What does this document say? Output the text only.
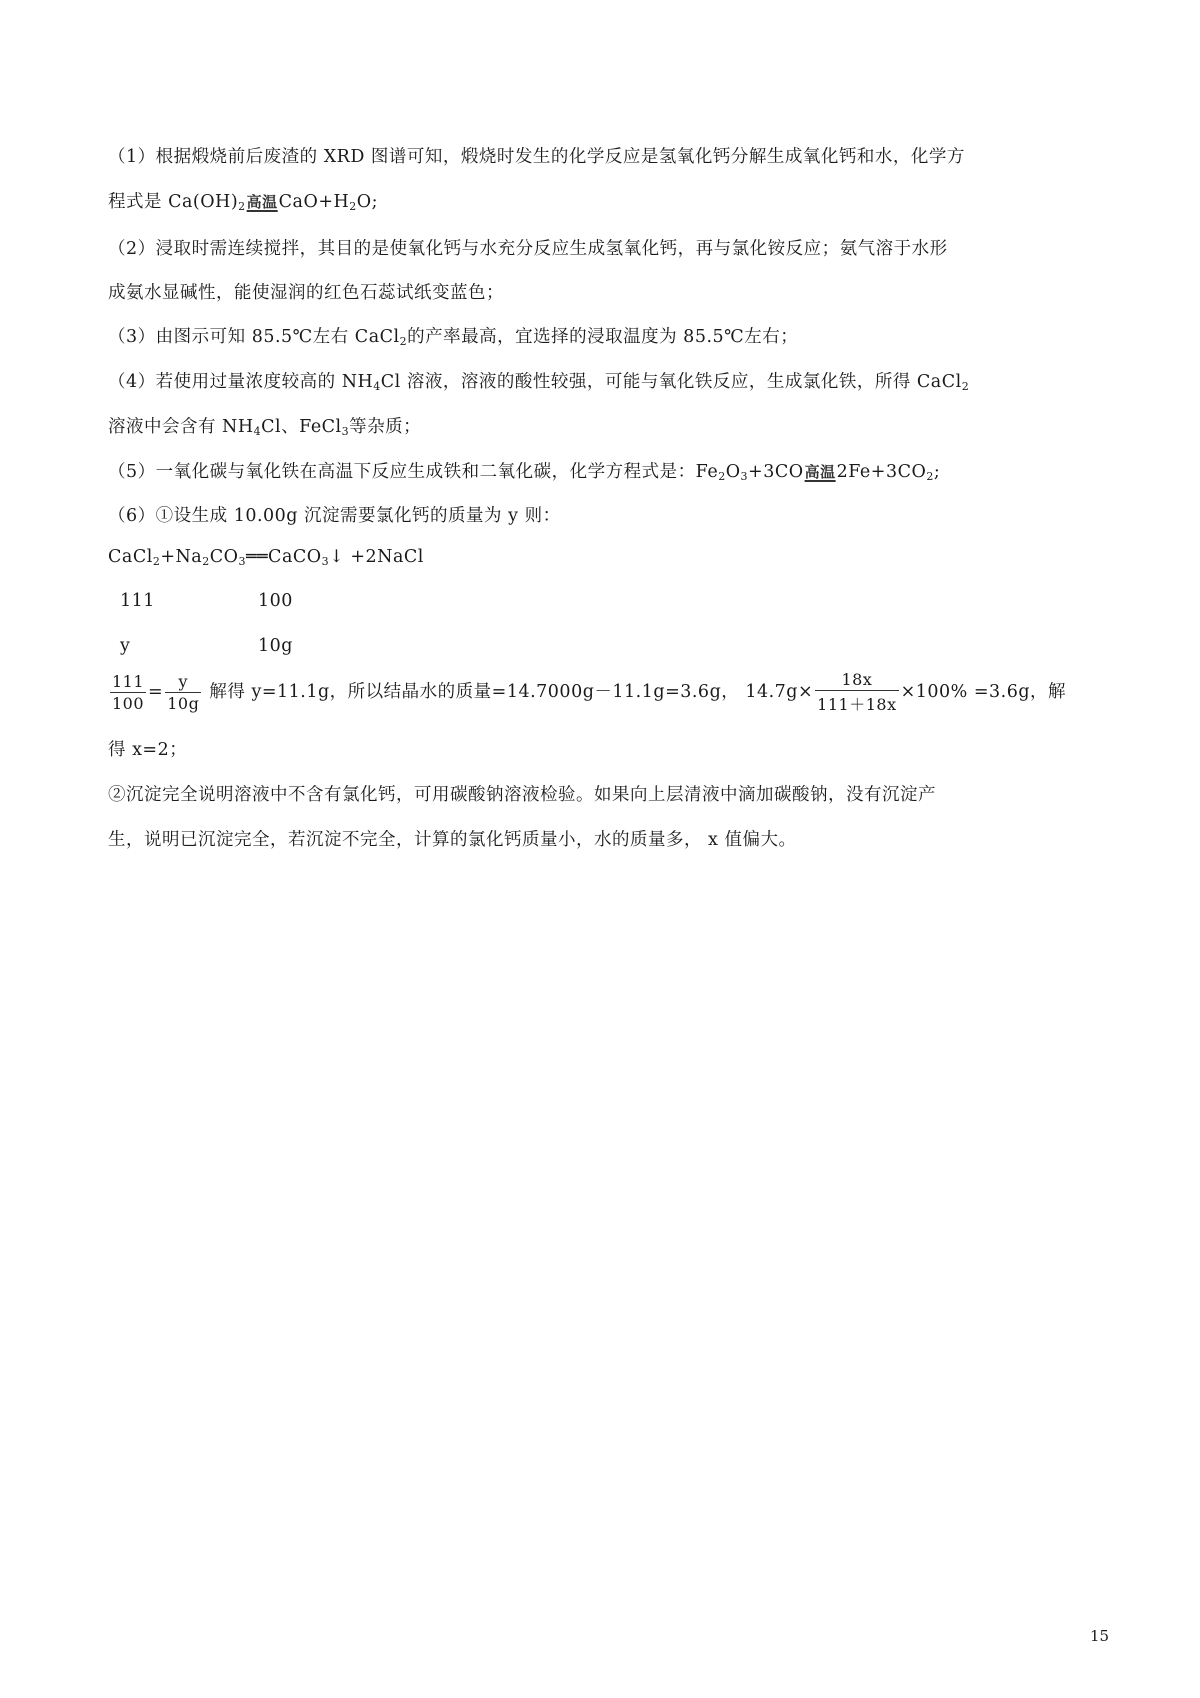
（1）根据煅烧前后废渣的 XRD 图谱可知，煅烧时发生的化学反应是氢氧化钙分解生成氧化钙和水，化学方
程式是 $Ca(OH)_2$高温$CaO+H_2O$;
（2）浸取时需连续搅拌，其目的是使氧化钙与水充分反应生成氢氧化钙，再与氯化铵反应；氨气溶于水形
成氨水显碱性，能使湿润的红色石蕊试纸变蓝色；
（3）由图示可知 85.5℃左右 CaCl$_2$的产率最高，宜选择的浸取温度为 85.5℃左右；
（4）若使用过量浓度较高的 $NH_4Cl$ 溶液，溶液的酸性较强，可能与氧化铁反应，生成氯化铁，所得 CaCl$_2$
溶液中会含有 $NH_4Cl$、FeCl$_3$等杂质；
（5）一氧化碳与氧化铁在高温下反应生成铁和二氧化碳，化学方程式是：$Fe_2O_3+3CO$高温$2Fe+3CO_2$;
（6）①设生成 10.00g 沉淀需要氯化钙的质量为 y 则：
$CaCl_2+Na_2CO_3══CaCO_3↓$ +2NaCl
111	100
y	10g
$\frac{111}{100} = \frac{y}{10g}$ 解得 y=11.1g，所以结晶水的质量=14.7000g－11.1g=3.6g， $14.7g\times \frac{18x}{111+18x} \times 100\% =3.6g$，解
得 x=2；
②沉淀完全说明溶液中不含有氯化钙，可用碳酸钠溶液检验。如果向上层清液中滴加碳酸钠，没有沉淀产
生，说明已沉淀完全，若沉淀不完全，计算的氯化钙质量小，水的质量多， x 值偏大。
15
